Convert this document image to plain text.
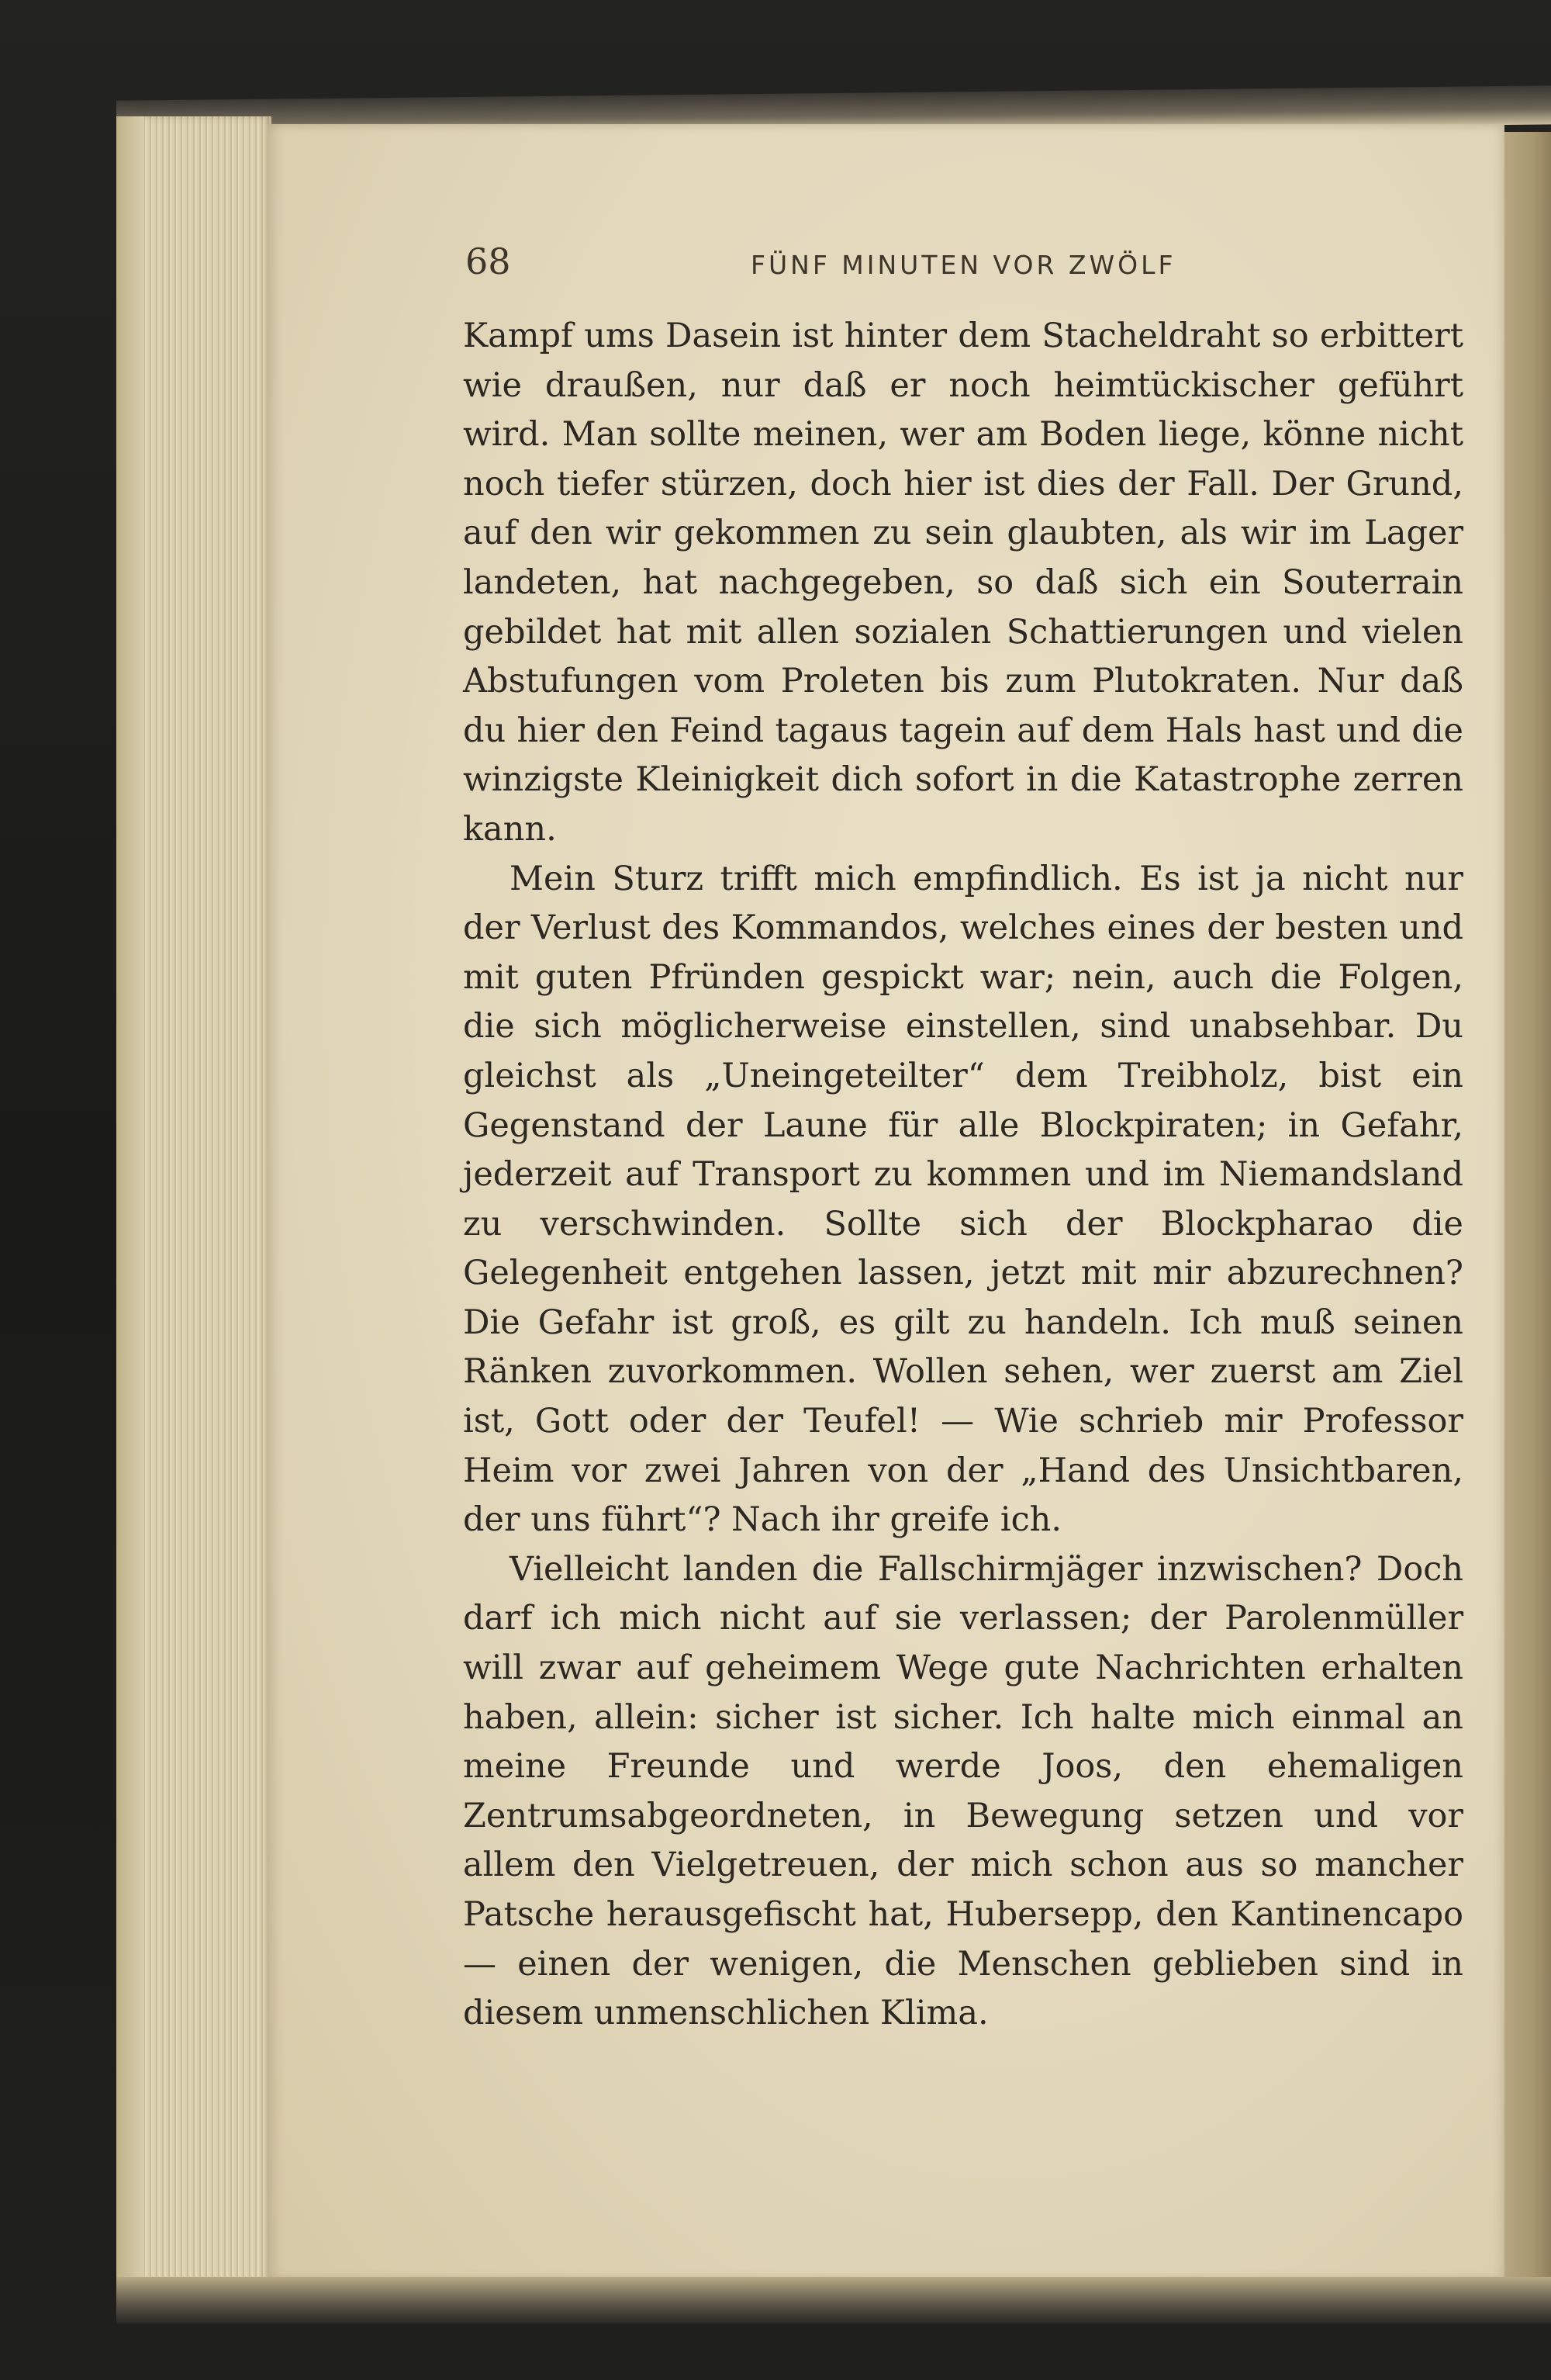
68	FÜNF MINUTEN VOR ZWÖLF

Kampf ums Dasein ist hinter dem Stacheldraht so erbittert wie draußen, nur daß er noch heimtückischer geführt wird. Man sollte meinen, wer am Boden liege, könne nicht noch tiefer stürzen, doch hier ist dies der Fall. Der Grund, auf den wir gekommen zu sein glaubten, als wir im Lager landeten, hat nachgegeben, so daß sich ein Souterrain gebildet hat mit allen sozialen Schattierungen und vielen Abstufungen vom Proleten bis zum Plutokraten. Nur daß du hier den Feind tagaus tagein auf dem Hals hast und die winzigste Kleinigkeit dich sofort in die Katastrophe zerren kann.

Mein Sturz trifft mich empfindlich. Es ist ja nicht nur der Verlust des Kommandos, welches eines der besten und mit guten Pfründen gespickt war; nein, auch die Folgen, die sich möglicherweise einstellen, sind unabsehbar. Du gleichst als „Uneingeteilter“ dem Treibholz, bist ein Gegenstand der Laune für alle Blockpiraten; in Gefahr, jederzeit auf Transport zu kommen und im Niemandsland zu verschwinden. Sollte sich der Blockpharao die Gelegenheit entgehen lassen, jetzt mit mir abzurechnen? Die Gefahr ist groß, es gilt zu handeln. Ich muß seinen Ränken zuvorkommen. Wollen sehen, wer zuerst am Ziel ist, Gott oder der Teufel! — Wie schrieb mir Professor Heim vor zwei Jahren von der „Hand des Unsichtbaren, der uns führt“? Nach ihr greife ich.

Vielleicht landen die Fallschirmjäger inzwischen? Doch darf ich mich nicht auf sie verlassen; der Parolenmüller will zwar auf geheimem Wege gute Nachrichten erhalten haben, allein: sicher ist sicher. Ich halte mich einmal an meine Freunde und werde Joos, den ehemaligen Zentrumsabgeordneten, in Bewegung setzen und vor allem den Vielgetreuen, der mich schon aus so mancher Patsche herausgefischt hat, Hubersepp, den Kantinencapo — einen der wenigen, die Menschen geblieben sind in diesem unmenschlichen Klima.
